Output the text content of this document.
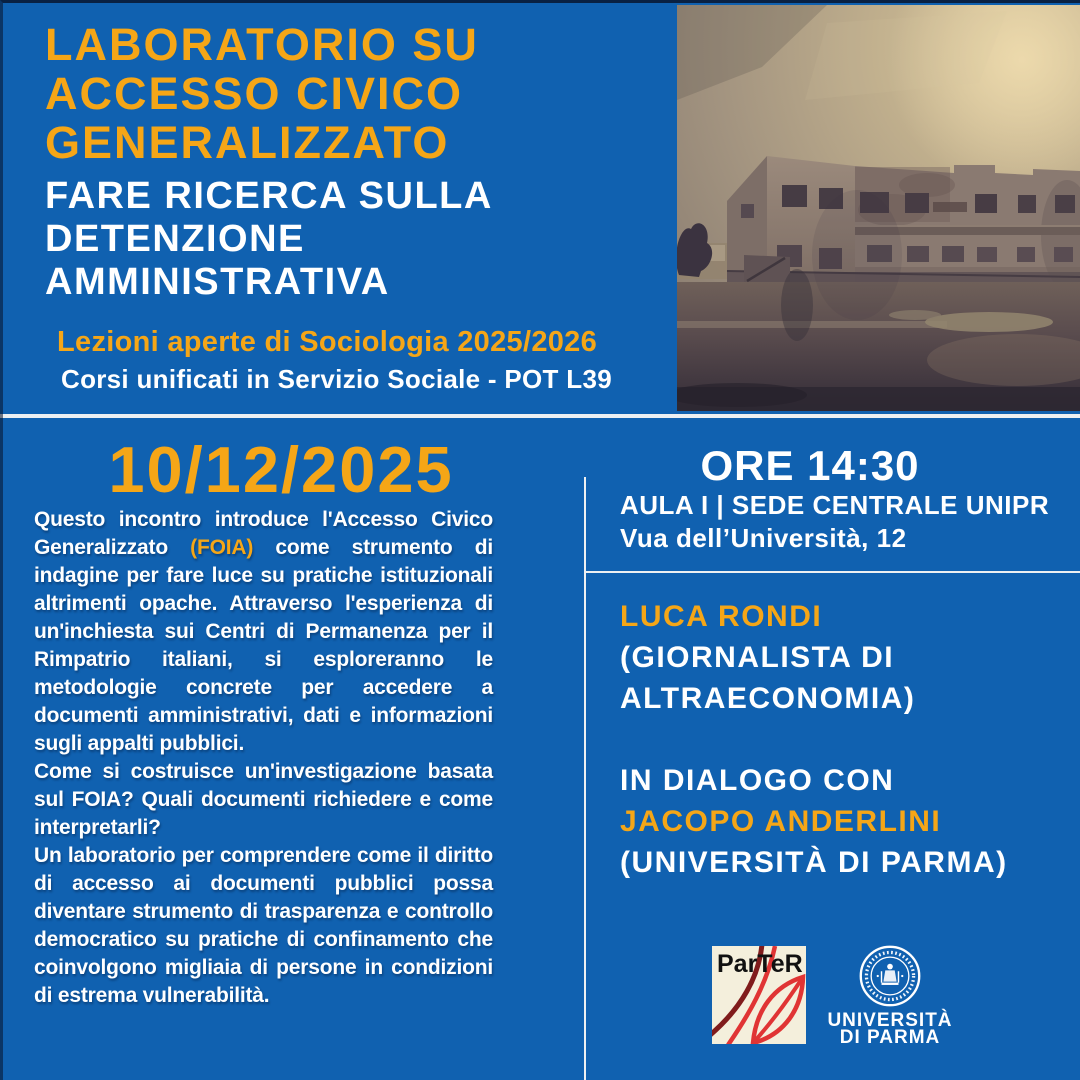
LABORATORIO SU
ACCESSO CIVICO
GENERALIZZATO
FARE RICERCA SULLA
DETENZIONE
AMMINISTRATIVA
Lezioni aperte di Sociologia 2025/2026
Corsi unificati in Servizio Sociale - POT L39
10/12/2025

Questo incontro introduce l'Accesso Civico Generalizzato (FOIA) come strumento di indagine per fare luce su pratiche istituzionali altrimenti opache. Attraverso l'esperienza di un'inchiesta sui Centri di Permanenza per il Rimpatrio italiani, si esploreranno le metodologie concrete per accedere a documenti amministrativi, dati e informazioni sugli appalti pubblici.

Come si costruisce un'investigazione basata sul FOIA? Quali documenti richiedere e come interpretarli?

Un laboratorio per comprendere come il diritto di accesso ai documenti pubblici possa diventare strumento di trasparenza e controllo democratico su pratiche di confinamento che coinvolgono migliaia di persone in condizioni di estrema vulnerabilità.

ORE 14:30
AULA I | SEDE CENTRALE UNIPR
Vua dell’Università, 12
LUCA RONDI
(GIORNALISTA DI
ALTRAECONOMIA)
IN DIALOGO CON
JACOPO ANDERLINI
(UNIVERSITÀ DI PARMA)
ParTeR
UNIVERSITÀ
DI PARMA
